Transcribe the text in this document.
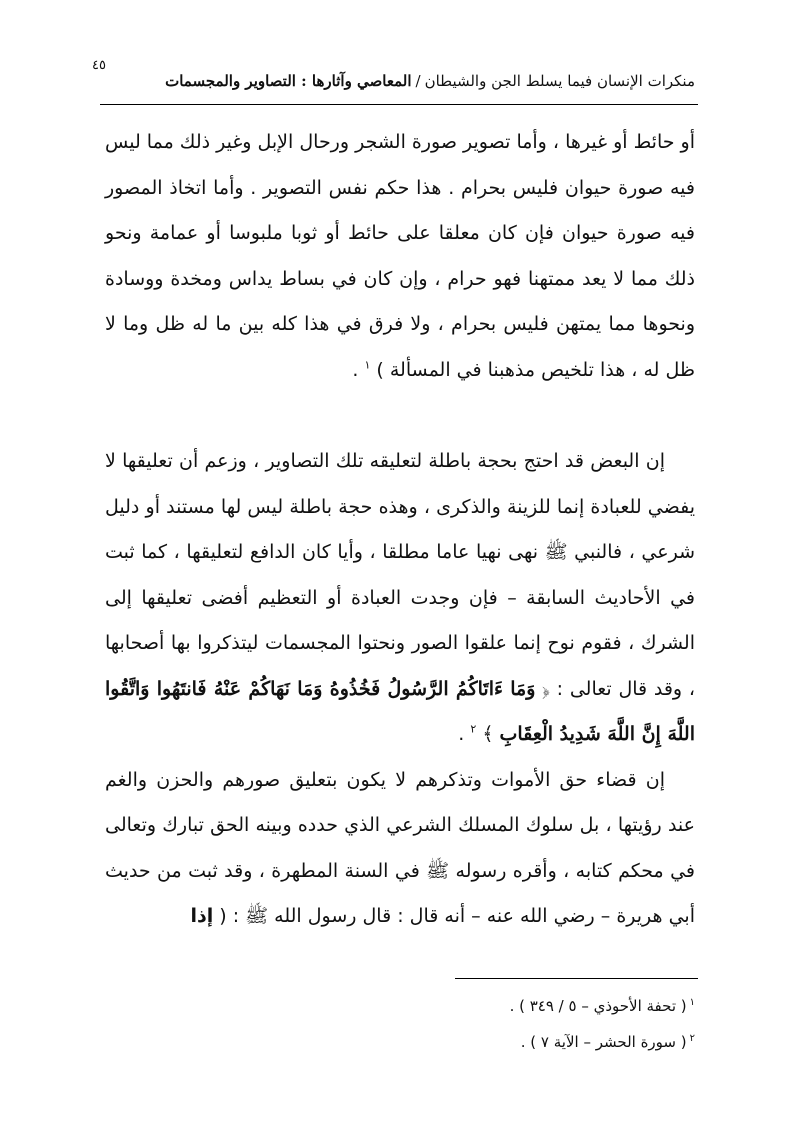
٤٥
منكرات الإنسان فيما يسلط الجن والشيطان/المعاصي وآثارها : التصاوير والمجسمات

أو حائط أو غيرها ، وأما تصوير صورة الشجر ورحال الإبل وغير ذلك مما ليس فيه صورة حيوان فليس بحرام . هذا حكم نفس التصوير . وأما اتخاذ المصور فيه صورة حيوان فإن كان معلقا على حائط أو ثوبا ملبوسا أو عمامة ونحو ذلك مما لا يعد ممتهنا فهو حرام ، وإن كان في بساط يداس ومخدة ووسادة ونحوها مما يمتهن فليس بحرام ، ولا فرق في هذا كله بين ما له ظل وما لا ظل له ، هذا تلخيص مذهبنا في المسألة ) $^١$ .

إن البعض قد احتج بحجة باطلة لتعليقه تلك التصاوير ، وزعم أن تعليقها لا يفضي للعبادة إنما للزينة والذكرى ، وهذه حجة باطلة ليس لها مستند أو دليل شرعي ، فالنبي ﷺ نهى نهيا عاما مطلقا ، وأيا كان الدافع لتعليقها ، كما ثبت في الأحاديث السابقة – فإن وجدت العبادة أو التعظيم أفضى تعليقها إلى الشرك ، فقوم نوح إنما علقوا الصور ونحتوا المجسمات ليتذكروا بها أصحابها ، وقد قال تعالى : ﴿ وَمَا ءَاتَاكُمُ الرَّسُولُ فَخُذُوهُ وَمَا نَهَاكُمْ عَنْهُ فَانتَهُوا وَاتَّقُوا اللَّهَ إِنَّ اللَّهَ شَدِيدُ الْعِقَابِ ﴾ $^٢$ .

إن قضاء حق الأموات وتذكرهم لا يكون بتعليق صورهم والحزن والغم عند رؤيتها ، بل سلوك المسلك الشرعي الذي حدده وبينه الحق تبارك وتعالى في محكم كتابه ، وأقره رسوله ﷺ في السنة المطهرة ، وقد ثبت من حديث أبي هريرة – رضي الله عنه – أنه قال : قال رسول الله ﷺ : ( إذا

$^١$( تحفة الأحوذي – ٥ / ٣٤٩ ) .

$^٢$( سورة الحشر – الآية ٧ ) .
